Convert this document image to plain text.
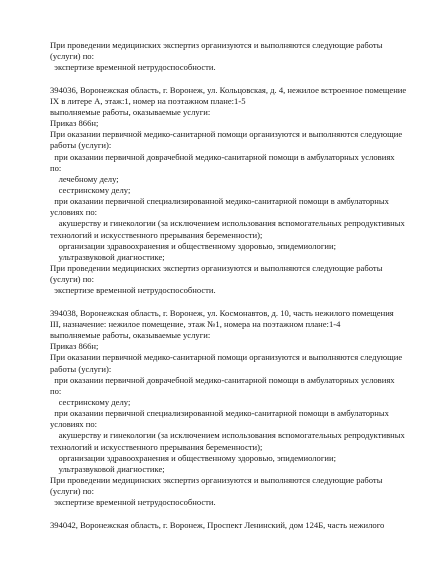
При проведении медицинских экспертиз организуются и выполняются следующие работы
(услуги) по:
экспертизе временной нетрудоспособности.
394036, Воронежская область, г. Воронеж, ул. Кольцовская, д. 4, нежилое встроенное помещение
IX в литере А, этаж:1, номер на поэтажном плане:1-5
выполняемые работы, оказываемые услуги:
Приказ 866н;
При оказании первичной медико-санитарной помощи организуются и выполняются следующие
работы (услуги):
при оказании первичной доврачебной медико-санитарной помощи в амбулаторных условиях
по:
лечебному делу;
сестринскому делу;
при оказании первичной специализированной медико-санитарной помощи в амбулаторных
условиях по:
акушерству и гинекологии (за исключением использования вспомогательных репродуктивных
технологий и искусственного прерывания беременности);
организации здравоохранения и общественному здоровью, эпидемиологии;
ультразвуковой диагностике;
При проведении медицинских экспертиз организуются и выполняются следующие работы
(услуги) по:
экспертизе временной нетрудоспособности.
394038, Воронежская область, г. Воронеж, ул. Космонавтов, д. 10, часть нежилого помещения
III, назначение: нежилое помещение, этаж №1, номера на поэтажном плане:1-4
выполняемые работы, оказываемые услуги:
Приказ 866н;
При оказании первичной медико-санитарной помощи организуются и выполняются следующие
работы (услуги):
при оказании первичной доврачебной медико-санитарной помощи в амбулаторных условиях
по:
сестринскому делу;
при оказании первичной специализированной медико-санитарной помощи в амбулаторных
условиях по:
акушерству и гинекологии (за исключением использования вспомогательных репродуктивных
технологий и искусственного прерывания беременности);
организации здравоохранения и общественному здоровью, эпидемиологии;
ультразвуковой диагностике;
При проведении медицинских экспертиз организуются и выполняются следующие работы
(услуги) по:
экспертизе временной нетрудоспособности.
394042, Воронежская область, г. Воронеж, Проспект Ленинский, дом 124Б, часть нежилого
